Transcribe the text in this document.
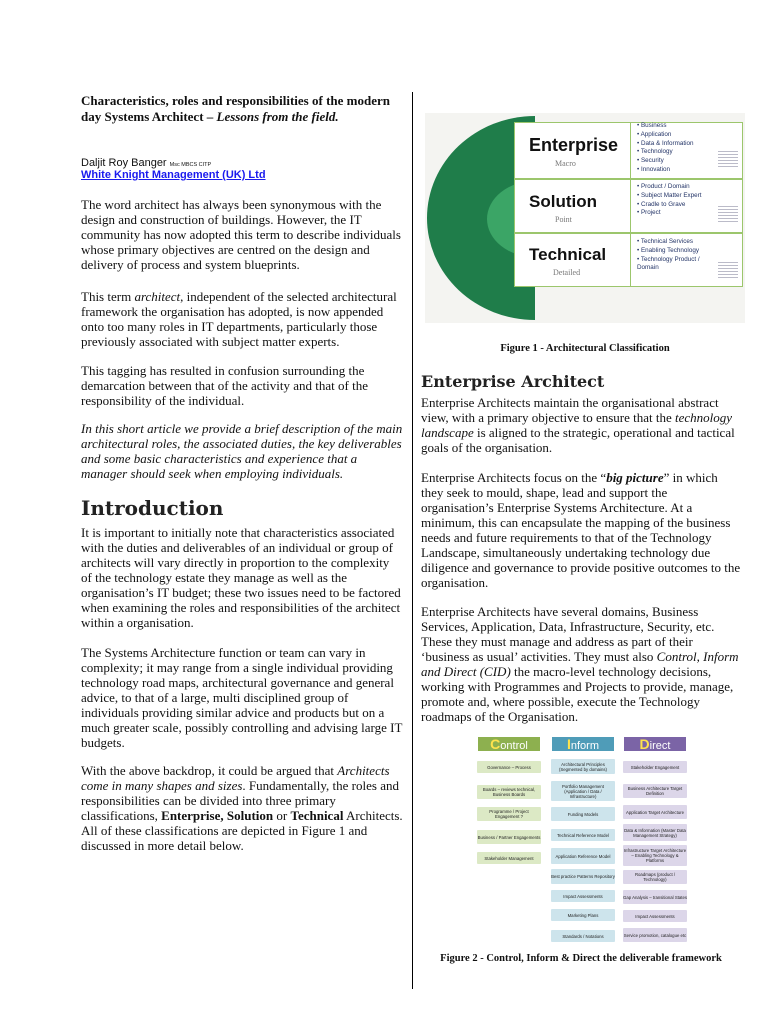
Characteristics, roles and responsibilities of the modern day Systems Architect – Lessons from the field.
Daljit Roy Banger Msc MBCS CITP
White Knight Management (UK) Ltd

The word architect has always been synonymous with the design and construction of buildings. However, the IT community has now adopted this term to describe individuals whose primary objectives are centred on the design and delivery of process and system blueprints.

This term architect, independent of the selected architectural framework the organisation has adopted, is now appended onto too many roles in IT departments, particularly those previously associated with subject matter experts.

This tagging has resulted in confusion surrounding the demarcation between that of the activity and that of the responsibility of the individual.

In this short article we provide a brief description of the main architectural roles, the associated duties, the key deliverables and some basic characteristics and experience that a manager should seek when employing individuals.

Introduction

It is important to initially note that characteristics associated with the duties and deliverables of an individual or group of architects will vary directly in proportion to the complexity of the technology estate they manage as well as the organisation’s IT budget; these two issues need to be factored when examining the roles and responsibilities of the architect within a organisation.

The Systems Architecture function or team can vary in complexity; it may range from a single individual providing technology road maps, architectural governance and general advice, to that of a large, multi disciplined group of individuals providing similar advice and products but on a much greater scale, possibly controlling and advising large IT budgets.

With the above backdrop, it could be argued that Architects come in many shapes and sizes. Fundamentally, the roles and responsibilities can be divided into three primary classifications, Enterprise, Solution or Technical Architects. All of these classifications are depicted in Figure 1 and discussed in more detail below.

Enterprise
Macro
• Business
• Application
• Data & Information
• Technology
• Security
• Innovation
Solution
Point
• Product / Domain
• Subject Matter Expert
• Cradle to Grave
• Project
Technical
Detailed
• Technical Services
• Enabling Technology
• Technology Product / Domain
Figure 1 - Architectural Classification
Enterprise Architect

Enterprise Architects maintain the organisational abstract view, with a primary objective to ensure that the technology landscape is aligned to the strategic, operational and tactical goals of the organisation.

Enterprise Architects focus on the “big picture” in which they seek to mould, shape, lead and support the organisation’s Enterprise Systems Architecture. At a minimum, this can encapsulate the mapping of the business needs and future requirements to that of the Technology Landscape, simultaneously undertaking technology due diligence and governance to provide positive outcomes to the organisation.

Enterprise Architects have several domains, Business Services, Application, Data, Infrastructure, Security, etc. These they must manage and address as part of their ‘business as usual’ activities. They must also Control, Inform and Direct (CID) the macro-level technology decisions, working with Programmes and Projects to provide, manage, promote and, where possible, execute the Technology roadmaps of the Organisation.

Control	Inform	Direct
Governance – Process
Boards – reviews technical, Business Boards
Programme / Project Engagement ?
Business / Partner Engagements
Stakeholder Management
Architectural Principles (Segmented by domains)
Portfolio Management (Application / Data / Infrastructure)
Funding Models
Technical Reference Model
Application Reference Model
Best practice Patterns Repository
Impact Assessments
Marketing Plans
Standards / Notations
Stakeholder Engagement
Business Architecture Target Definition
Application Target Architecture
Data & Information (Master Data Management Strategy)
Infrastructure Target Architecture – Enabling Technology & Platforms
Roadmaps (product / Technology)
Gap Analysis – transitional States
Impact Assessments
Service promotion, catalogue etc
Figure 2 - Control, Inform & Direct the deliverable framework
